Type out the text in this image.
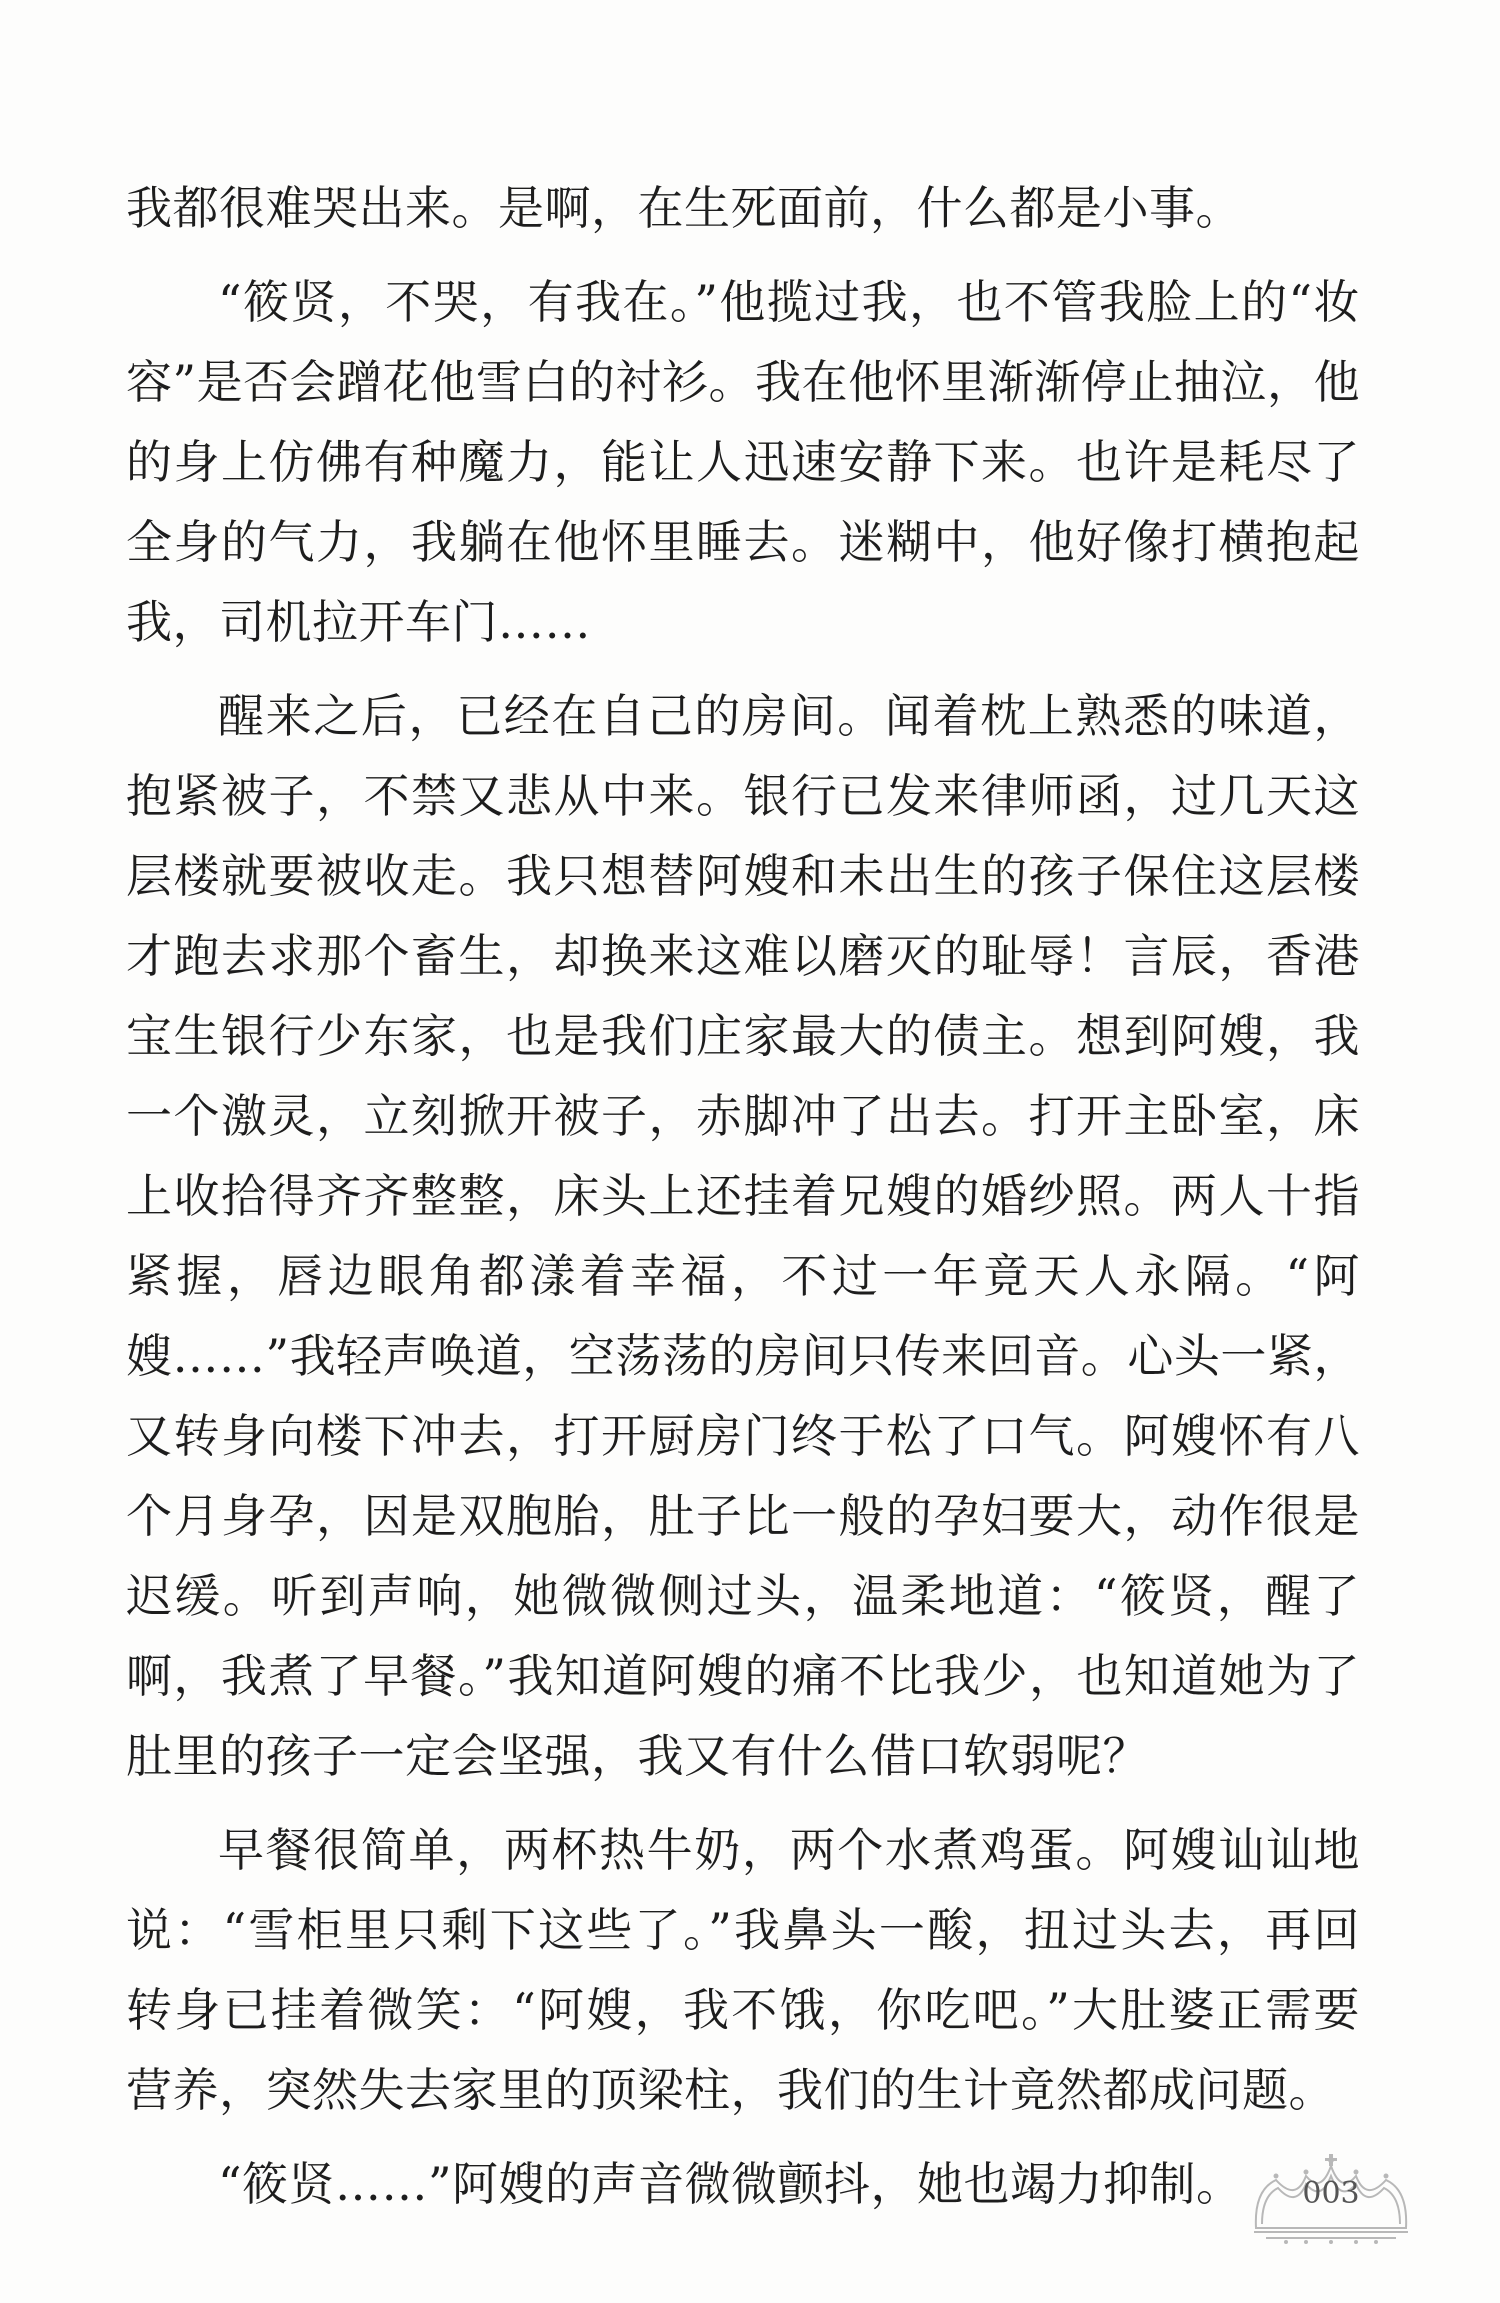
我都很难哭出来。是啊，在生死面前，什么都是小事。

“筱贤，不哭，有我在。”他揽过我，也不管我脸上的“妆容”是否会蹭花他雪白的衬衫。我在他怀里渐渐停止抽泣，他的身上仿佛有种魔力，能让人迅速安静下来。也许是耗尽了全身的气力，我躺在他怀里睡去。迷糊中，他好像打横抱起我，司机拉开车门……

醒来之后，已经在自己的房间。闻着枕上熟悉的味道，抱紧被子，不禁又悲从中来。银行已发来律师函，过几天这层楼就要被收走。我只想替阿嫂和未出生的孩子保住这层楼才跑去求那个畜生，却换来这难以磨灭的耻辱！言辰，香港宝生银行少东家，也是我们庄家最大的债主。想到阿嫂，我一个激灵，立刻掀开被子，赤脚冲了出去。打开主卧室，床上收拾得齐齐整整，床头上还挂着兄嫂的婚纱照。两人十指紧握，唇边眼角都漾着幸福，不过一年竟天人永隔。“阿嫂……”我轻声唤道，空荡荡的房间只传来回音。心头一紧，又转身向楼下冲去，打开厨房门终于松了口气。阿嫂怀有八个月身孕，因是双胞胎，肚子比一般的孕妇要大，动作很是迟缓。听到声响，她微微侧过头，温柔地道：“筱贤，醒了啊，我煮了早餐。”我知道阿嫂的痛不比我少，也知道她为了肚里的孩子一定会坚强，我又有什么借口软弱呢？

早餐很简单，两杯热牛奶，两个水煮鸡蛋。阿嫂讪讪地说：“雪柜里只剩下这些了。”我鼻头一酸，扭过头去，再回转身已挂着微笑：“阿嫂，我不饿，你吃吧。”大肚婆正需要营养，突然失去家里的顶梁柱，我们的生计竟然都成问题。

“筱贤……”阿嫂的声音微微颤抖，她也竭力抑制。	003
